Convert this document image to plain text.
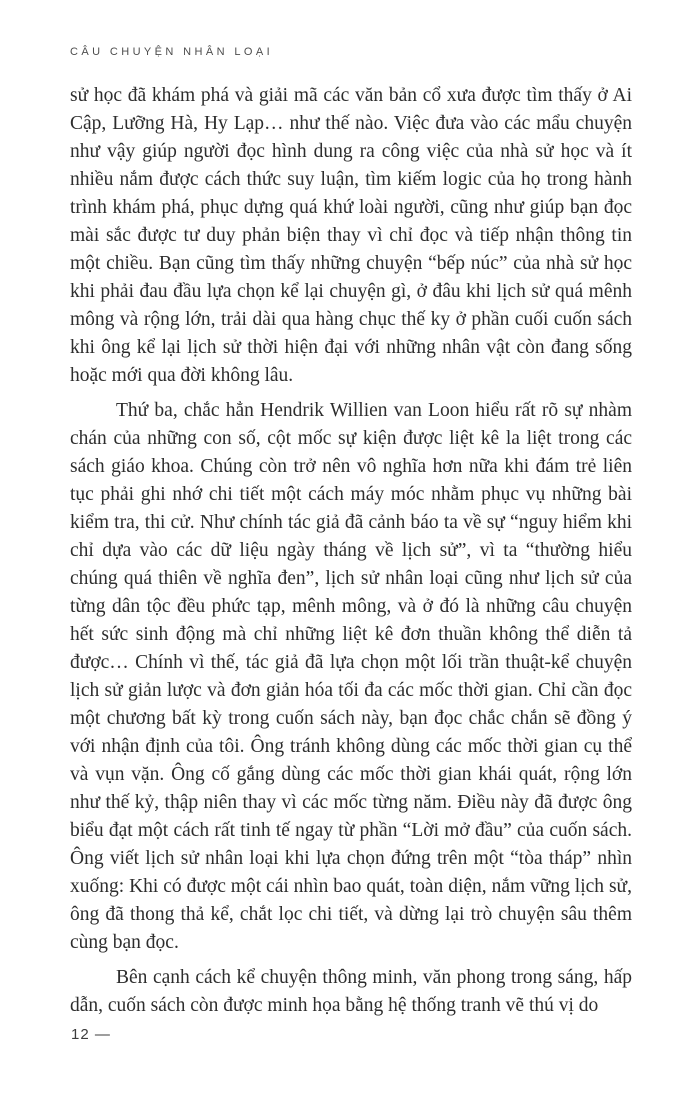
CÂU CHUYỆN NHÂN LOẠI

sử học đã khám phá và giải mã các văn bản cổ xưa được tìm thấy ở Ai Cập, Lưỡng Hà, Hy Lạp… như thế nào. Việc đưa vào các mẩu chuyện như vậy giúp người đọc hình dung ra công việc của nhà sử học và ít nhiều nắm được cách thức suy luận, tìm kiếm logic của họ trong hành trình khám phá, phục dựng quá khứ loài người, cũng như giúp bạn đọc mài sắc được tư duy phản biện thay vì chỉ đọc và tiếp nhận thông tin một chiều. Bạn cũng tìm thấy những chuyện “bếp núc” của nhà sử học khi phải đau đầu lựa chọn kể lại chuyện gì, ở đâu khi lịch sử quá mênh mông và rộng lớn, trải dài qua hàng chục thế ky ở phần cuối cuốn sách khi ông kể lại lịch sử thời hiện đại với những nhân vật còn đang sống hoặc mới qua đời không lâu.

Thứ ba, chắc hẳn Hendrik Willien van Loon hiểu rất rõ sự nhàm chán của những con số, cột mốc sự kiện được liệt kê la liệt trong các sách giáo khoa. Chúng còn trở nên vô nghĩa hơn nữa khi đám trẻ liên tục phải ghi nhớ chi tiết một cách máy móc nhằm phục vụ những bài kiểm tra, thi cử. Như chính tác giả đã cảnh báo ta về sự “nguy hiểm khi chỉ dựa vào các dữ liệu ngày tháng về lịch sử”, vì ta “thường hiểu chúng quá thiên về nghĩa đen”, lịch sử nhân loại cũng như lịch sử của từng dân tộc đều phức tạp, mênh mông, và ở đó là những câu chuyện hết sức sinh động mà chỉ những liệt kê đơn thuần không thể diễn tả được… Chính vì thế, tác giả đã lựa chọn một lối trần thuật-kể chuyện lịch sử giản lược và đơn giản hóa tối đa các mốc thời gian. Chỉ cần đọc một chương bất kỳ trong cuốn sách này, bạn đọc chắc chắn sẽ đồng ý với nhận định của tôi. Ông tránh không dùng các mốc thời gian cụ thể và vụn vặn. Ông cố gắng dùng các mốc thời gian khái quát, rộng lớn như thế kỷ, thập niên thay vì các mốc từng năm. Điều này đã được ông biểu đạt một cách rất tinh tế ngay từ phần “Lời mở đầu” của cuốn sách. Ông viết lịch sử nhân loại khi lựa chọn đứng trên một “tòa tháp” nhìn xuống: Khi có được một cái nhìn bao quát, toàn diện, nắm vững lịch sử, ông đã thong thả kể, chắt lọc chi tiết, và dừng lại trò chuyện sâu thêm cùng bạn đọc.

Bên cạnh cách kể chuyện thông minh, văn phong trong sáng, hấp dẫn, cuốn sách còn được minh họa bằng hệ thống tranh vẽ thú vị do

12 —
